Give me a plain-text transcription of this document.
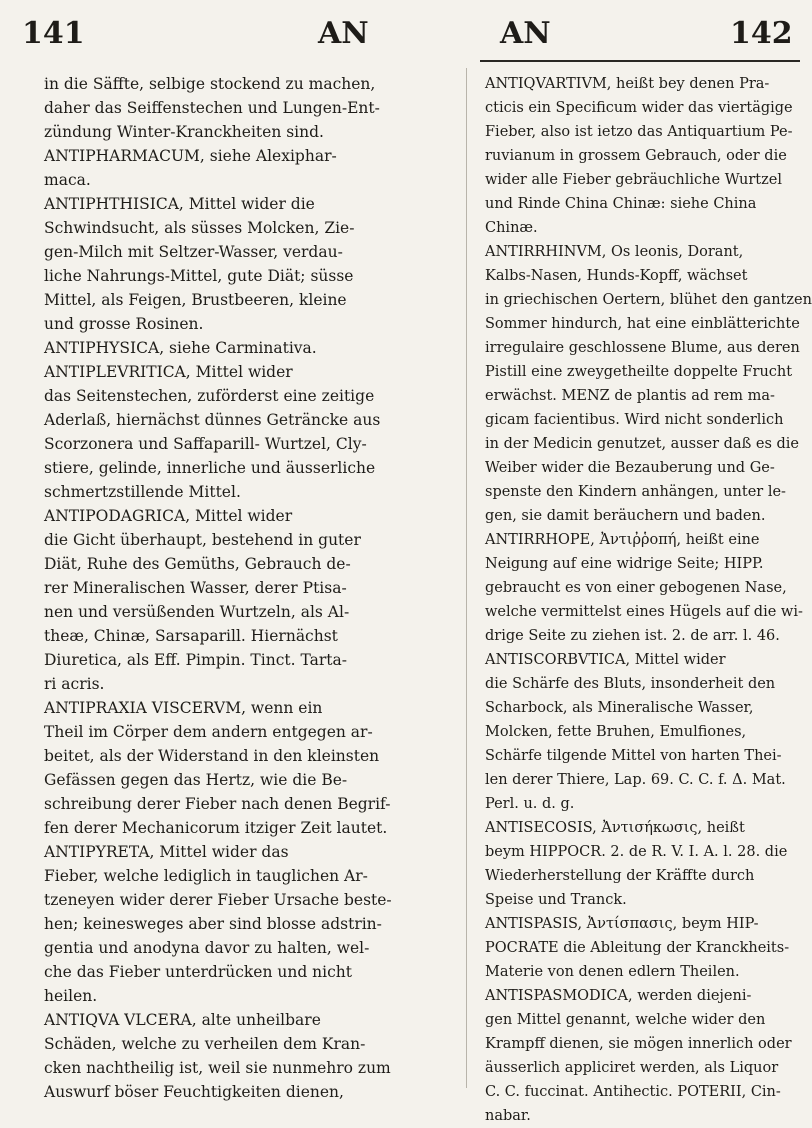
141	AN	AN	142
in die Säffte, selbige stockend zu machen,
daher das Seiffenstechen und Lungen-Ent-
zündung Winter-Kranckheiten sind.
ANTIPHARMACUM, siehe Alexiphar-
maca.
ANTIPHTHISICA, Mittel wider die
Schwindsucht, als süsses Molcken, Zie-
gen-Milch mit Seltzer-Wasser, verdau-
liche Nahrungs-Mittel, gute Diät; süsse
Mittel, als Feigen, Brustbeeren, kleine
und grosse Rosinen.
ANTIPHYSICA, siehe Carminativa.
ANTIPLEVRITICA, Mittel wider
das Seitenstechen, zuförderst eine zeitige
Aderlaß, hiernächst dünnes Geträncke aus
Scorzonera und Saffaparill- Wurtzel, Cly-
stiere, gelinde, innerliche und äusserliche
schmertzstillende Mittel.
ANTIPODAGRICA, Mittel wider
die Gicht überhaupt, bestehend in guter
Diät, Ruhe des Gemüths, Gebrauch de-
rer Mineralischen Wasser, derer Ptisa-
nen und versüßenden Wurtzeln, als Al-
theæ, Chinæ, Sarsaparill. Hiernächst
Diuretica, als Eff. Pimpin. Tinct. Tarta-
ri acris.
ANTIPRAXIA VISCERVM, wenn ein
Theil im Cörper dem andern entgegen ar-
beitet, als der Widerstand in den kleinsten
Gefässen gegen das Hertz, wie die Be-
schreibung derer Fieber nach denen Begrif-
fen derer Mechanicorum itziger Zeit lautet.
ANTIPYRETA, Mittel wider das
Fieber, welche lediglich in tauglichen Ar-
tzeneyen wider derer Fieber Ursache beste-
hen; keinesweges aber sind blosse adstrin-
gentia und anodyna davor zu halten, wel-
che das Fieber unterdrücken und nicht
heilen.
ANTIQVA VLCERA, alte unheilbare
Schäden, welche zu verheilen dem Kran-
cken nachtheilig ist, weil sie nunmehro zum
Auswurf böser Feuchtigkeiten dienen,
ANTIQVARTIVM, heißt bey denen Pra-
cticis ein Specificum wider das viertägige
Fieber, also ist ietzo das Antiquartium Pe-
ruvianum in grossem Gebrauch, oder die
wider alle Fieber gebräuchliche Wurtzel
und Rinde China Chinæ: siehe China
Chinæ.
ANTIRRHINVM, Os leonis, Dorant,
Kalbs-Nasen, Hunds-Kopff, wächset
in griechischen Oertern, blühet den gantzen
Sommer hindurch, hat eine einblätterichte
irregulaire geschlossene Blume, aus deren
Pistill eine zweygetheilte doppelte Frucht
erwächst. MENZ de plantis ad rem ma-
gicam facientibus. Wird nicht sonderlich
in der Medicin genutzet, ausser daß es die
Weiber wider die Bezauberung und Ge-
spenste den Kindern anhängen, unter le-
gen, sie damit beräuchern und baden.
ANTIRRHOPE, Ἀντιῤῥοπή, heißt eine
Neigung auf eine widrige Seite; HIPP.
gebraucht es von einer gebogenen Nase,
welche vermittelst eines Hügels auf die wi-
drige Seite zu ziehen ist. 2. de arr. l. 46.
ANTISCORBVTICA, Mittel wider
die Schärfe des Bluts, insonderheit den
Scharbock, als Mineralische Wasser,
Molcken, fette Bruhen, Emulfiones,
Schärfe tilgende Mittel von harten Thei-
len derer Thiere, Lap. 69. C. C. f. Δ. Mat.
Perl. u. d. g.
ANTISECOSIS, Ἀντισήκωσις, heißt
beym HIPPOCR. 2. de R. V. I. A. l. 28. die
Wiederherstellung der Kräffte durch
Speise und Tranck.
ANTISPASIS, Ἀντίσπασις, beym HIP-
POCRATE die Ableitung der Kranckheits-
Materie von denen edlern Theilen.
ANTISPASMODICA, werden diejeni-
gen Mittel genannt, welche wider den
Krampff dienen, sie mögen innerlich oder
äusserlich appliciret werden, als Liquor
C. C. fuccinat. Antihectic. POTERII, Cin-
nabar.
